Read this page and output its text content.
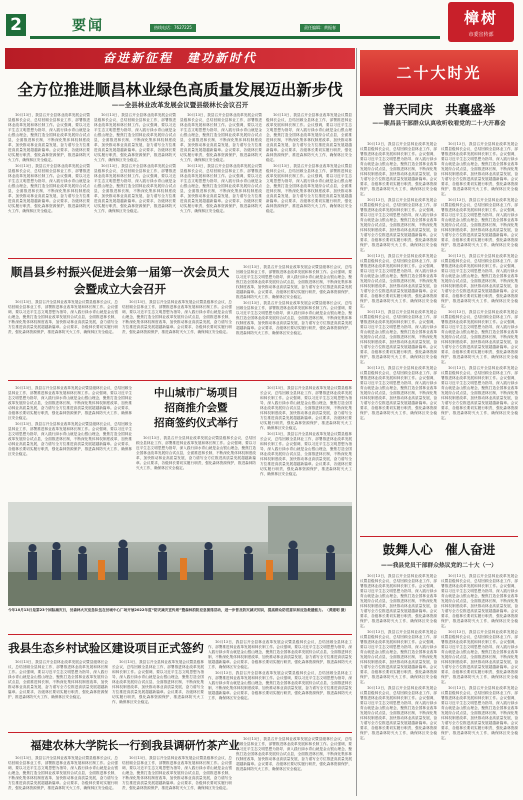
2	要闻	热线电话：7627225	责任编辑：黄振春
樟树
市委宣传部
奋进新征程　建功新时代
二十大时光
全方位推进顺昌林业绿色高质量发展迈出新步伐
——全县林业改革发展会议暨县级林长会议召开

10月13日，我县召开全县林业改革发展会议暨县级林长会议，总结回顾全县林业工作，部署推进林业改革发展和林长制工作。会议强调，要以习近平生态文明思想为指导，深入践行绿水青山就是金山银山理念，聚焦打造全国林业改革发展综合试点县，全面推进林长制，不断深化集体林权制度改革，加快推动林业高质量发展，奋力谱写全方位推进高质量发展超越新篇章。会议要求，各级林长要切实履行职责，强化森林资源保护，推进森林防灭火工作，确保林区安全稳定。

10月13日，我县召开全县林业改革发展会议暨县级林长会议，总结回顾全县林业工作，部署推进林业改革发展和林长制工作。会议强调，要以习近平生态文明思想为指导，深入践行绿水青山就是金山银山理念，聚焦打造全国林业改革发展综合试点县，全面推进林长制，不断深化集体林权制度改革，加快推动林业高质量发展，奋力谱写全方位推进高质量发展超越新篇章。会议要求，各级林长要切实履行职责，强化森林资源保护，推进森林防灭火工作，确保林区安全稳定。

10月13日，我县召开全县林业改革发展会议暨县级林长会议，总结回顾全县林业工作，部署推进林业改革发展和林长制工作。会议强调，要以习近平生态文明思想为指导，深入践行绿水青山就是金山银山理念，聚焦打造全国林业改革发展综合试点县，全面推进林长制，不断深化集体林权制度改革，加快推动林业高质量发展，奋力谱写全方位推进高质量发展超越新篇章。会议要求，各级林长要切实履行职责，强化森林资源保护，推进森林防灭火工作，确保林区安全稳定。

10月13日，我县召开全县林业改革发展会议暨县级林长会议，总结回顾全县林业工作，部署推进林业改革发展和林长制工作。会议强调，要以习近平生态文明思想为指导，深入践行绿水青山就是金山银山理念，聚焦打造全国林业改革发展综合试点县，全面推进林长制，不断深化集体林权制度改革，加快推动林业高质量发展，奋力谱写全方位推进高质量发展超越新篇章。会议要求，各级林长要切实履行职责，强化森林资源保护，推进森林防灭火工作，确保林区安全稳定。

10月13日，我县召开全县林业改革发展会议暨县级林长会议，总结回顾全县林业工作，部署推进林业改革发展和林长制工作。会议强调，要以习近平生态文明思想为指导，深入践行绿水青山就是金山银山理念，聚焦打造全国林业改革发展综合试点县，全面推进林长制，不断深化集体林权制度改革，加快推动林业高质量发展，奋力谱写全方位推进高质量发展超越新篇章。会议要求，各级林长要切实履行职责，强化森林资源保护，推进森林防灭火工作，确保林区安全稳定。

10月13日，我县召开全县林业改革发展会议暨县级林长会议，总结回顾全县林业工作，部署推进林业改革发展和林长制工作。会议强调，要以习近平生态文明思想为指导，深入践行绿水青山就是金山银山理念，聚焦打造全国林业改革发展综合试点县，全面推进林长制，不断深化集体林权制度改革，加快推动林业高质量发展，奋力谱写全方位推进高质量发展超越新篇章。会议要求，各级林长要切实履行职责，强化森林资源保护，推进森林防灭火工作，确保林区安全稳定。

10月13日，我县召开全县林业改革发展会议暨县级林长会议，总结回顾全县林业工作，部署推进林业改革发展和林长制工作。会议强调，要以习近平生态文明思想为指导，深入践行绿水青山就是金山银山理念，聚焦打造全国林业改革发展综合试点县，全面推进林长制，不断深化集体林权制度改革，加快推动林业高质量发展，奋力谱写全方位推进高质量发展超越新篇章。会议要求，各级林长要切实履行职责，强化森林资源保护，推进森林防灭火工作，确保林区安全稳定。

10月13日，我县召开全县林业改革发展会议暨县级林长会议，总结回顾全县林业工作，部署推进林业改革发展和林长制工作。会议强调，要以习近平生态文明思想为指导，深入践行绿水青山就是金山银山理念，聚焦打造全国林业改革发展综合试点县，全面推进林长制，不断深化集体林权制度改革，加快推动林业高质量发展，奋力谱写全方位推进高质量发展超越新篇章。会议要求，各级林长要切实履行职责，强化森林资源保护，推进森林防灭火工作，确保林区安全稳定。

顺昌县乡村振兴促进会第一届第一次会员大会暨成立大会召开

10月13日，我县召开全县林业改革发展会议暨县级林长会议，总结回顾全县林业工作，部署推进林业改革发展和林长制工作。会议强调，要以习近平生态文明思想为指导，深入践行绿水青山就是金山银山理念，聚焦打造全国林业改革发展综合试点县，全面推进林长制，不断深化集体林权制度改革，加快推动林业高质量发展，奋力谱写全方位推进高质量发展超越新篇章。会议要求，各级林长要切实履行职责，强化森林资源保护，推进森林防灭火工作，确保林区安全稳定。

10月13日，我县召开全县林业改革发展会议暨县级林长会议，总结回顾全县林业工作，部署推进林业改革发展和林长制工作。会议强调，要以习近平生态文明思想为指导，深入践行绿水青山就是金山银山理念，聚焦打造全国林业改革发展综合试点县，全面推进林长制，不断深化集体林权制度改革，加快推动林业高质量发展，奋力谱写全方位推进高质量发展超越新篇章。会议要求，各级林长要切实履行职责，强化森林资源保护，推进森林防灭火工作，确保林区安全稳定。

10月13日，我县召开全县林业改革发展会议暨县级林长会议，总结回顾全县林业工作，部署推进林业改革发展和林长制工作。会议强调，要以习近平生态文明思想为指导，深入践行绿水青山就是金山银山理念，聚焦打造全国林业改革发展综合试点县，全面推进林长制，不断深化集体林权制度改革，加快推动林业高质量发展，奋力谱写全方位推进高质量发展超越新篇章。会议要求，各级林长要切实履行职责，强化森林资源保护，推进森林防灭火工作，确保林区安全稳定。

10月13日，我县召开全县林业改革发展会议暨县级林长会议，总结回顾全县林业工作，部署推进林业改革发展和林长制工作。会议强调，要以习近平生态文明思想为指导，深入践行绿水青山就是金山银山理念，聚焦打造全国林业改革发展综合试点县，全面推进林长制，不断深化集体林权制度改革，加快推动林业高质量发展，奋力谱写全方位推进高质量发展超越新篇章。会议要求，各级林长要切实履行职责，强化森林资源保护，推进森林防灭火工作，确保林区安全稳定。

10月13日，我县召开全县林业改革发展会议暨县级林长会议，总结回顾全县林业工作，部署推进林业改革发展和林长制工作。会议强调，要以习近平生态文明思想为指导，深入践行绿水青山就是金山银山理念，聚焦打造全国林业改革发展综合试点县，全面推进林长制，不断深化集体林权制度改革，加快推动林业高质量发展，奋力谱写全方位推进高质量发展超越新篇章。会议要求，各级林长要切实履行职责，强化森林资源保护，推进森林防灭火工作，确保林区安全稳定。

10月13日，我县召开全县林业改革发展会议暨县级林长会议，总结回顾全县林业工作，部署推进林业改革发展和林长制工作。会议强调，要以习近平生态文明思想为指导，深入践行绿水青山就是金山银山理念，聚焦打造全国林业改革发展综合试点县，全面推进林长制，不断深化集体林权制度改革，加快推动林业高质量发展，奋力谱写全方位推进高质量发展超越新篇章。会议要求，各级林长要切实履行职责，强化森林资源保护，推进森林防灭火工作，确保林区安全稳定。

中山城市广场项目
招商推介会暨
招商签约仪式举行

10月13日，我县召开全县林业改革发展会议暨县级林长会议，总结回顾全县林业工作，部署推进林业改革发展和林长制工作。会议强调，要以习近平生态文明思想为指导，深入践行绿水青山就是金山银山理念，聚焦打造全国林业改革发展综合试点县，全面推进林长制，不断深化集体林权制度改革，加快推动林业高质量发展，奋力谱写全方位推进高质量发展超越新篇章。会议要求，各级林长要切实履行职责，强化森林资源保护，推进森林防灭火工作，确保林区安全稳定。

10月13日，我县召开全县林业改革发展会议暨县级林长会议，总结回顾全县林业工作，部署推进林业改革发展和林长制工作。会议强调，要以习近平生态文明思想为指导，深入践行绿水青山就是金山银山理念，聚焦打造全国林业改革发展综合试点县，全面推进林长制，不断深化集体林权制度改革，加快推动林业高质量发展，奋力谱写全方位推进高质量发展超越新篇章。会议要求，各级林长要切实履行职责，强化森林资源保护，推进森林防灭火工作，确保林区安全稳定。

10月13日，我县召开全县林业改革发展会议暨县级林长会议，总结回顾全县林业工作，部署推进林业改革发展和林长制工作。会议强调，要以习近平生态文明思想为指导，深入践行绿水青山就是金山银山理念，聚焦打造全国林业改革发展综合试点县，全面推进林长制，不断深化集体林权制度改革，加快推动林业高质量发展，奋力谱写全方位推进高质量发展超越新篇章。会议要求，各级林长要切实履行职责，强化森林资源保护，推进森林防灭火工作，确保林区安全稳定。

今年10月13日是第23个国际减灾日，县森林火灾应急队伍在县城中心广场开展2022年度“防灾减灾宣传周”暨森林消防应急演练活动，进一步普及防灾减灾知识，提高群众防范意识和应急救援能力。（黄建明 摄）
我县生态乡村试验区建设项目正式签约

10月13日，我县召开全县林业改革发展会议暨县级林长会议，总结回顾全县林业工作，部署推进林业改革发展和林长制工作。会议强调，要以习近平生态文明思想为指导，深入践行绿水青山就是金山银山理念，聚焦打造全国林业改革发展综合试点县，全面推进林长制，不断深化集体林权制度改革，加快推动林业高质量发展，奋力谱写全方位推进高质量发展超越新篇章。会议要求，各级林长要切实履行职责，强化森林资源保护，推进森林防灭火工作，确保林区安全稳定。

10月13日，我县召开全县林业改革发展会议暨县级林长会议，总结回顾全县林业工作，部署推进林业改革发展和林长制工作。会议强调，要以习近平生态文明思想为指导，深入践行绿水青山就是金山银山理念，聚焦打造全国林业改革发展综合试点县，全面推进林长制，不断深化集体林权制度改革，加快推动林业高质量发展，奋力谱写全方位推进高质量发展超越新篇章。会议要求，各级林长要切实履行职责，强化森林资源保护，推进森林防灭火工作，确保林区安全稳定。

10月13日，我县召开全县林业改革发展会议暨县级林长会议，总结回顾全县林业工作，部署推进林业改革发展和林长制工作。会议强调，要以习近平生态文明思想为指导，深入践行绿水青山就是金山银山理念，聚焦打造全国林业改革发展综合试点县，全面推进林长制，不断深化集体林权制度改革，加快推动林业高质量发展，奋力谱写全方位推进高质量发展超越新篇章。会议要求，各级林长要切实履行职责，强化森林资源保护，推进森林防灭火工作，确保林区安全稳定。

10月13日，我县召开全县林业改革发展会议暨县级林长会议，总结回顾全县林业工作，部署推进林业改革发展和林长制工作。会议强调，要以习近平生态文明思想为指导，深入践行绿水青山就是金山银山理念，聚焦打造全国林业改革发展综合试点县，全面推进林长制，不断深化集体林权制度改革，加快推动林业高质量发展，奋力谱写全方位推进高质量发展超越新篇章。会议要求，各级林长要切实履行职责，强化森林资源保护，推进森林防灭火工作，确保林区安全稳定。

福建农林大学院长一行到我县调研竹茶产业

10月13日，我县召开全县林业改革发展会议暨县级林长会议，总结回顾全县林业工作，部署推进林业改革发展和林长制工作。会议强调，要以习近平生态文明思想为指导，深入践行绿水青山就是金山银山理念，聚焦打造全国林业改革发展综合试点县，全面推进林长制，不断深化集体林权制度改革，加快推动林业高质量发展，奋力谱写全方位推进高质量发展超越新篇章。会议要求，各级林长要切实履行职责，强化森林资源保护，推进森林防灭火工作，确保林区安全稳定。

10月13日，我县召开全县林业改革发展会议暨县级林长会议，总结回顾全县林业工作，部署推进林业改革发展和林长制工作。会议强调，要以习近平生态文明思想为指导，深入践行绿水青山就是金山银山理念，聚焦打造全国林业改革发展综合试点县，全面推进林长制，不断深化集体林权制度改革，加快推动林业高质量发展，奋力谱写全方位推进高质量发展超越新篇章。会议要求，各级林长要切实履行职责，强化森林资源保护，推进森林防灭火工作，确保林区安全稳定。

10月13日，我县召开全县林业改革发展会议暨县级林长会议，总结回顾全县林业工作，部署推进林业改革发展和林长制工作。会议强调，要以习近平生态文明思想为指导，深入践行绿水青山就是金山银山理念，聚焦打造全国林业改革发展综合试点县，全面推进林长制，不断深化集体林权制度改革，加快推动林业高质量发展，奋力谱写全方位推进高质量发展超越新篇章。会议要求，各级林长要切实履行职责，强化森林资源保护，推进森林防灭火工作，确保林区安全稳定。

普天同庆　共襄盛举
——顺昌县干部群众认真收听收看党的二十大开幕会

10月13日，我县召开全县林业改革发展会议暨县级林长会议，总结回顾全县林业工作，部署推进林业改革发展和林长制工作。会议强调，要以习近平生态文明思想为指导，深入践行绿水青山就是金山银山理念，聚焦打造全国林业改革发展综合试点县，全面推进林长制，不断深化集体林权制度改革，加快推动林业高质量发展，奋力谱写全方位推进高质量发展超越新篇章。会议要求，各级林长要切实履行职责，强化森林资源保护，推进森林防灭火工作，确保林区安全稳定。

10月13日，我县召开全县林业改革发展会议暨县级林长会议，总结回顾全县林业工作，部署推进林业改革发展和林长制工作。会议强调，要以习近平生态文明思想为指导，深入践行绿水青山就是金山银山理念，聚焦打造全国林业改革发展综合试点县，全面推进林长制，不断深化集体林权制度改革，加快推动林业高质量发展，奋力谱写全方位推进高质量发展超越新篇章。会议要求，各级林长要切实履行职责，强化森林资源保护，推进森林防灭火工作，确保林区安全稳定。

10月13日，我县召开全县林业改革发展会议暨县级林长会议，总结回顾全县林业工作，部署推进林业改革发展和林长制工作。会议强调，要以习近平生态文明思想为指导，深入践行绿水青山就是金山银山理念，聚焦打造全国林业改革发展综合试点县，全面推进林长制，不断深化集体林权制度改革，加快推动林业高质量发展，奋力谱写全方位推进高质量发展超越新篇章。会议要求，各级林长要切实履行职责，强化森林资源保护，推进森林防灭火工作，确保林区安全稳定。

10月13日，我县召开全县林业改革发展会议暨县级林长会议，总结回顾全县林业工作，部署推进林业改革发展和林长制工作。会议强调，要以习近平生态文明思想为指导，深入践行绿水青山就是金山银山理念，聚焦打造全国林业改革发展综合试点县，全面推进林长制，不断深化集体林权制度改革，加快推动林业高质量发展，奋力谱写全方位推进高质量发展超越新篇章。会议要求，各级林长要切实履行职责，强化森林资源保护，推进森林防灭火工作，确保林区安全稳定。

10月13日，我县召开全县林业改革发展会议暨县级林长会议，总结回顾全县林业工作，部署推进林业改革发展和林长制工作。会议强调，要以习近平生态文明思想为指导，深入践行绿水青山就是金山银山理念，聚焦打造全国林业改革发展综合试点县，全面推进林长制，不断深化集体林权制度改革，加快推动林业高质量发展，奋力谱写全方位推进高质量发展超越新篇章。会议要求，各级林长要切实履行职责，强化森林资源保护，推进森林防灭火工作，确保林区安全稳定。

10月13日，我县召开全县林业改革发展会议暨县级林长会议，总结回顾全县林业工作，部署推进林业改革发展和林长制工作。会议强调，要以习近平生态文明思想为指导，深入践行绿水青山就是金山银山理念，聚焦打造全国林业改革发展综合试点县，全面推进林长制，不断深化集体林权制度改革，加快推动林业高质量发展，奋力谱写全方位推进高质量发展超越新篇章。会议要求，各级林长要切实履行职责，强化森林资源保护，推进森林防灭火工作，确保林区安全稳定。

10月13日，我县召开全县林业改革发展会议暨县级林长会议，总结回顾全县林业工作，部署推进林业改革发展和林长制工作。会议强调，要以习近平生态文明思想为指导，深入践行绿水青山就是金山银山理念，聚焦打造全国林业改革发展综合试点县，全面推进林长制，不断深化集体林权制度改革，加快推动林业高质量发展，奋力谱写全方位推进高质量发展超越新篇章。会议要求，各级林长要切实履行职责，强化森林资源保护，推进森林防灭火工作，确保林区安全稳定。

10月13日，我县召开全县林业改革发展会议暨县级林长会议，总结回顾全县林业工作，部署推进林业改革发展和林长制工作。会议强调，要以习近平生态文明思想为指导，深入践行绿水青山就是金山银山理念，聚焦打造全国林业改革发展综合试点县，全面推进林长制，不断深化集体林权制度改革，加快推动林业高质量发展，奋力谱写全方位推进高质量发展超越新篇章。会议要求，各级林长要切实履行职责，强化森林资源保护，推进森林防灭火工作，确保林区安全稳定。

10月13日，我县召开全县林业改革发展会议暨县级林长会议，总结回顾全县林业工作，部署推进林业改革发展和林长制工作。会议强调，要以习近平生态文明思想为指导，深入践行绿水青山就是金山银山理念，聚焦打造全国林业改革发展综合试点县，全面推进林长制，不断深化集体林权制度改革，加快推动林业高质量发展，奋力谱写全方位推进高质量发展超越新篇章。会议要求，各级林长要切实履行职责，强化森林资源保护，推进森林防灭火工作，确保林区安全稳定。

10月13日，我县召开全县林业改革发展会议暨县级林长会议，总结回顾全县林业工作，部署推进林业改革发展和林长制工作。会议强调，要以习近平生态文明思想为指导，深入践行绿水青山就是金山银山理念，聚焦打造全国林业改革发展综合试点县，全面推进林长制，不断深化集体林权制度改革，加快推动林业高质量发展，奋力谱写全方位推进高质量发展超越新篇章。会议要求，各级林长要切实履行职责，强化森林资源保护，推进森林防灭火工作，确保林区安全稳定。

鼓舞人心　催人奋进
——我县党员干部群众热议党的二十大（一）

10月13日，我县召开全县林业改革发展会议暨县级林长会议，总结回顾全县林业工作，部署推进林业改革发展和林长制工作。会议强调，要以习近平生态文明思想为指导，深入践行绿水青山就是金山银山理念，聚焦打造全国林业改革发展综合试点县，全面推进林长制，不断深化集体林权制度改革，加快推动林业高质量发展，奋力谱写全方位推进高质量发展超越新篇章。会议要求，各级林长要切实履行职责，强化森林资源保护，推进森林防灭火工作，确保林区安全稳定。

10月13日，我县召开全县林业改革发展会议暨县级林长会议，总结回顾全县林业工作，部署推进林业改革发展和林长制工作。会议强调，要以习近平生态文明思想为指导，深入践行绿水青山就是金山银山理念，聚焦打造全国林业改革发展综合试点县，全面推进林长制，不断深化集体林权制度改革，加快推动林业高质量发展，奋力谱写全方位推进高质量发展超越新篇章。会议要求，各级林长要切实履行职责，强化森林资源保护，推进森林防灭火工作，确保林区安全稳定。

10月13日，我县召开全县林业改革发展会议暨县级林长会议，总结回顾全县林业工作，部署推进林业改革发展和林长制工作。会议强调，要以习近平生态文明思想为指导，深入践行绿水青山就是金山银山理念，聚焦打造全国林业改革发展综合试点县，全面推进林长制，不断深化集体林权制度改革，加快推动林业高质量发展，奋力谱写全方位推进高质量发展超越新篇章。会议要求，各级林长要切实履行职责，强化森林资源保护，推进森林防灭火工作，确保林区安全稳定。

10月13日，我县召开全县林业改革发展会议暨县级林长会议，总结回顾全县林业工作，部署推进林业改革发展和林长制工作。会议强调，要以习近平生态文明思想为指导，深入践行绿水青山就是金山银山理念，聚焦打造全国林业改革发展综合试点县，全面推进林长制，不断深化集体林权制度改革，加快推动林业高质量发展，奋力谱写全方位推进高质量发展超越新篇章。会议要求，各级林长要切实履行职责，强化森林资源保护，推进森林防灭火工作，确保林区安全稳定。

10月13日，我县召开全县林业改革发展会议暨县级林长会议，总结回顾全县林业工作，部署推进林业改革发展和林长制工作。会议强调，要以习近平生态文明思想为指导，深入践行绿水青山就是金山银山理念，聚焦打造全国林业改革发展综合试点县，全面推进林长制，不断深化集体林权制度改革，加快推动林业高质量发展，奋力谱写全方位推进高质量发展超越新篇章。会议要求，各级林长要切实履行职责，强化森林资源保护，推进森林防灭火工作，确保林区安全稳定。

10月13日，我县召开全县林业改革发展会议暨县级林长会议，总结回顾全县林业工作，部署推进林业改革发展和林长制工作。会议强调，要以习近平生态文明思想为指导，深入践行绿水青山就是金山银山理念，聚焦打造全国林业改革发展综合试点县，全面推进林长制，不断深化集体林权制度改革，加快推动林业高质量发展，奋力谱写全方位推进高质量发展超越新篇章。会议要求，各级林长要切实履行职责，强化森林资源保护，推进森林防灭火工作，确保林区安全稳定。
